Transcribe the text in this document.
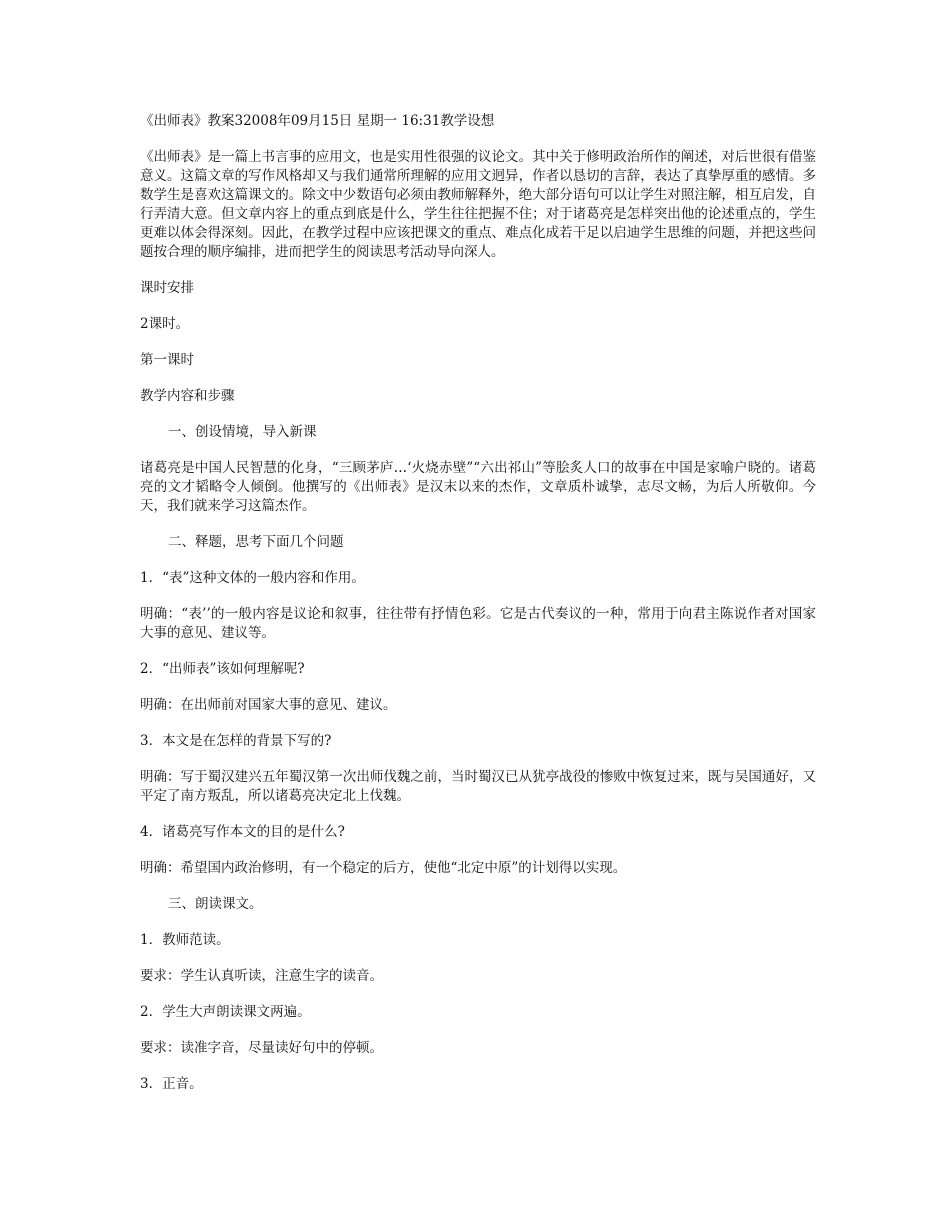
《出师表》教案32008年09月15日 星期一 16:31教学设想

《出师表》是一篇上书言事的应用文，也是实用性很强的议论文。其中关于修明政治所作的阐述，对后世很有借鉴意义。这篇文章的写作风格却又与我们通常所理解的应用文迥异，作者以恳切的言辞，表达了真挚厚重的感情。多数学生是喜欢这篇课文的。除文中少数语句必须由教师解释外，绝大部分语句可以让学生对照注解，相互启发，自行弄清大意。但文章内容上的重点到底是什么，学生往往把握不住；对于诸葛亮是怎样突出他的论述重点的，学生更难以体会得深刻。因此，在教学过程中应该把课文的重点、难点化成若干足以启迪学生思维的问题，并把这些问题按合理的顺序编排，进而把学生的阅读思考活动导向深人。

课时安排

2课时。

第一课时

教学内容和步骤

一、创设情境，导入新课

诸葛亮是中国人民智慧的化身，“三顾茅庐…‘火烧赤壁”“六出祁山”等脍炙人口的故事在中国是家喻户晓的。诸葛亮的文才韬略令人倾倒。他撰写的《出师表》是汉末以来的杰作，文章质朴诚挚，志尽文畅，为后人所敬仰。今天，我们就来学习这篇杰作。

二、释题，思考下面几个问题

1．“表”这种文体的一般内容和作用。

明确：“表’’的一般内容是议论和叙事，往往带有抒情色彩。它是古代奏议的一种，常用于向君主陈说作者对国家大事的意见、建议等。

2．“出师表”该如何理解呢?

明确：在出师前对国家大事的意见、建议。

3．本文是在怎样的背景下写的?

明确：写于蜀汉建兴五年蜀汉第一次出师伐魏之前，当时蜀汉已从犹亭战役的惨败中恢复过来，既与吴国通好，又平定了南方叛乱，所以诸葛亮决定北上伐魏。

4．诸葛亮写作本文的目的是什么?

明确：希望国内政治修明，有一个稳定的后方，使他“北定中原”的计划得以实现。

三、朗读课文。

1．教师范读。

要求：学生认真听读，注意生字的读音。

2．学生大声朗读课文两遍。

要求：读准字音，尽量读好句中的停顿。

3．正音。
